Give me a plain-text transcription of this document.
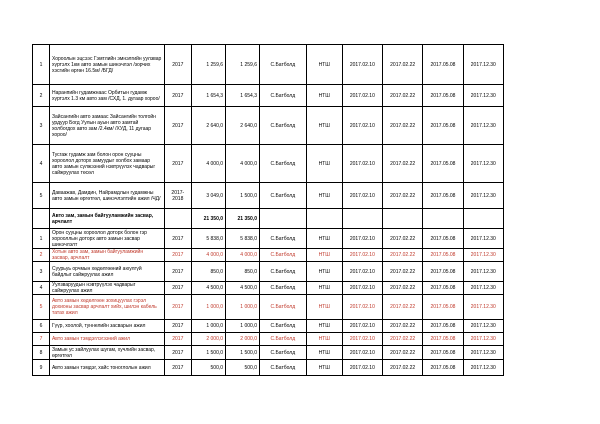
1	Хороолын эцсээс Гэмтлийн эмнэлгийн уулзвар хүртэлх 1км авто замын шинэчлэл /зорчих хэсгийн өргөн 16.5м/ /БГД/	2017	1 259,6	1 259,6	С.Батболд	НТШ	2017.02.10	2017.02.22	2017.05.08	2017.12.30
2	Наранпийн гудамжнаас Орбитын гудамж хүртэлх 1.3 км авто зам /СХД, 1. дугаар хороо/	2017	1 654,3	1 654,3	С.Батболд	НТШ	2017.02.10	2017.02.22	2017.05.08	2017.12.30
3	Зайсангийн авто замаас Зайсангийн толгойн урдуур Богд Уулын ауын авто замтай холбогдох авто зам /2.4км/ /ХУД, 11 дугаар хороо/	2017	2 640,0	2 640,0	С.Батболд	НТШ	2017.02.10	2017.02.22	2017.05.08	2017.12.30
4	Тусгаж гудамж зам болон орон сууцны хороолол доторх замуудыг холбох замаар авто замын сүлжээний нэвтрүүлэх чадварыг сайжруулах төсөл	2017	4 000,0	4 000,0	С.Батболд	НТШ	2017.02.10	2017.02.22	2017.05.08	2017.12.30
5	Даваажав, Дамдин, Найрамдлын гудамжны авто замын өргөтгөл, шинэчлэлтийн ажил /ЧД/	2017-2018	3 049,0	1 500,0	С.Батболд	НТШ	2017.02.10	2017.02.22	2017.05.08	2017.12.30
	Авто зам, замын байгууламжийн засвар, арчлалт		21 350,0	21 350,0						
1	Орон сууцны хороолол доторх болон гэр хорооллын доторх авто замын засвар шинэчлэлт	2017	5 838,0	5 838,0	С.Батболд	НТШ	2017.02.10	2017.02.22	2017.05.08	2017.12.30
2	Хотын авто зам, замын байгууламжийн засвар, арчлалт	2017	4 000,0	4 000,0	С.Батболд	НТШ	2017.02.10	2017.02.22	2017.05.08	2017.12.30
3	Суурьуь орчмын хөдөлгөөний аюулгүй байдлыг сайжруулах ажил	2017	850,0	850,0	С.Батболд	НТШ	2017.02.10	2017.02.22	2017.05.08	2017.12.30
4	Уулзваруудын нэвтрүүлэх чадварыг сайжруулах ажил	2017	4 500,0	4 500,0	С.Батболд	НТШ	2017.02.10	2017.02.22	2017.05.08	2017.12.30
5	Авто замын хөдөлгөөн зохицуулах гэрэл дохионы засвар арчлалт хийх, шилэн кабель татах ажил	2017	1 000,0	1 000,0	С.Батболд	НТШ	2017.02.10	2017.02.22	2017.05.08	2017.12.30
6	Гүүр, хоолой, туннелийн засварын ажил	2017	1 000,0	1 000,0	С.Батболд	НТШ	2017.02.10	2017.02.22	2017.05.08	2017.12.30
7	Авто замын тэмдэглэгээний ажил	2017	2 000,0	2 000,0	С.Батболд	НТШ	2017.02.10	2017.02.22	2017.05.08	2017.12.30
8	Замын ус зайлуулах шугам, хучлийн засвар, өргөтгөл	2017	1 500,0	1 500,0	С.Батболд	НТШ	2017.02.10	2017.02.22	2017.05.08	2017.12.30
9	Авто замын тэмдэг, хайс тоноглолын ажил	2017	500,0	500,0	С.Батболд	НТШ	2017.02.10	2017.02.22	2017.05.08	2017.12.30
